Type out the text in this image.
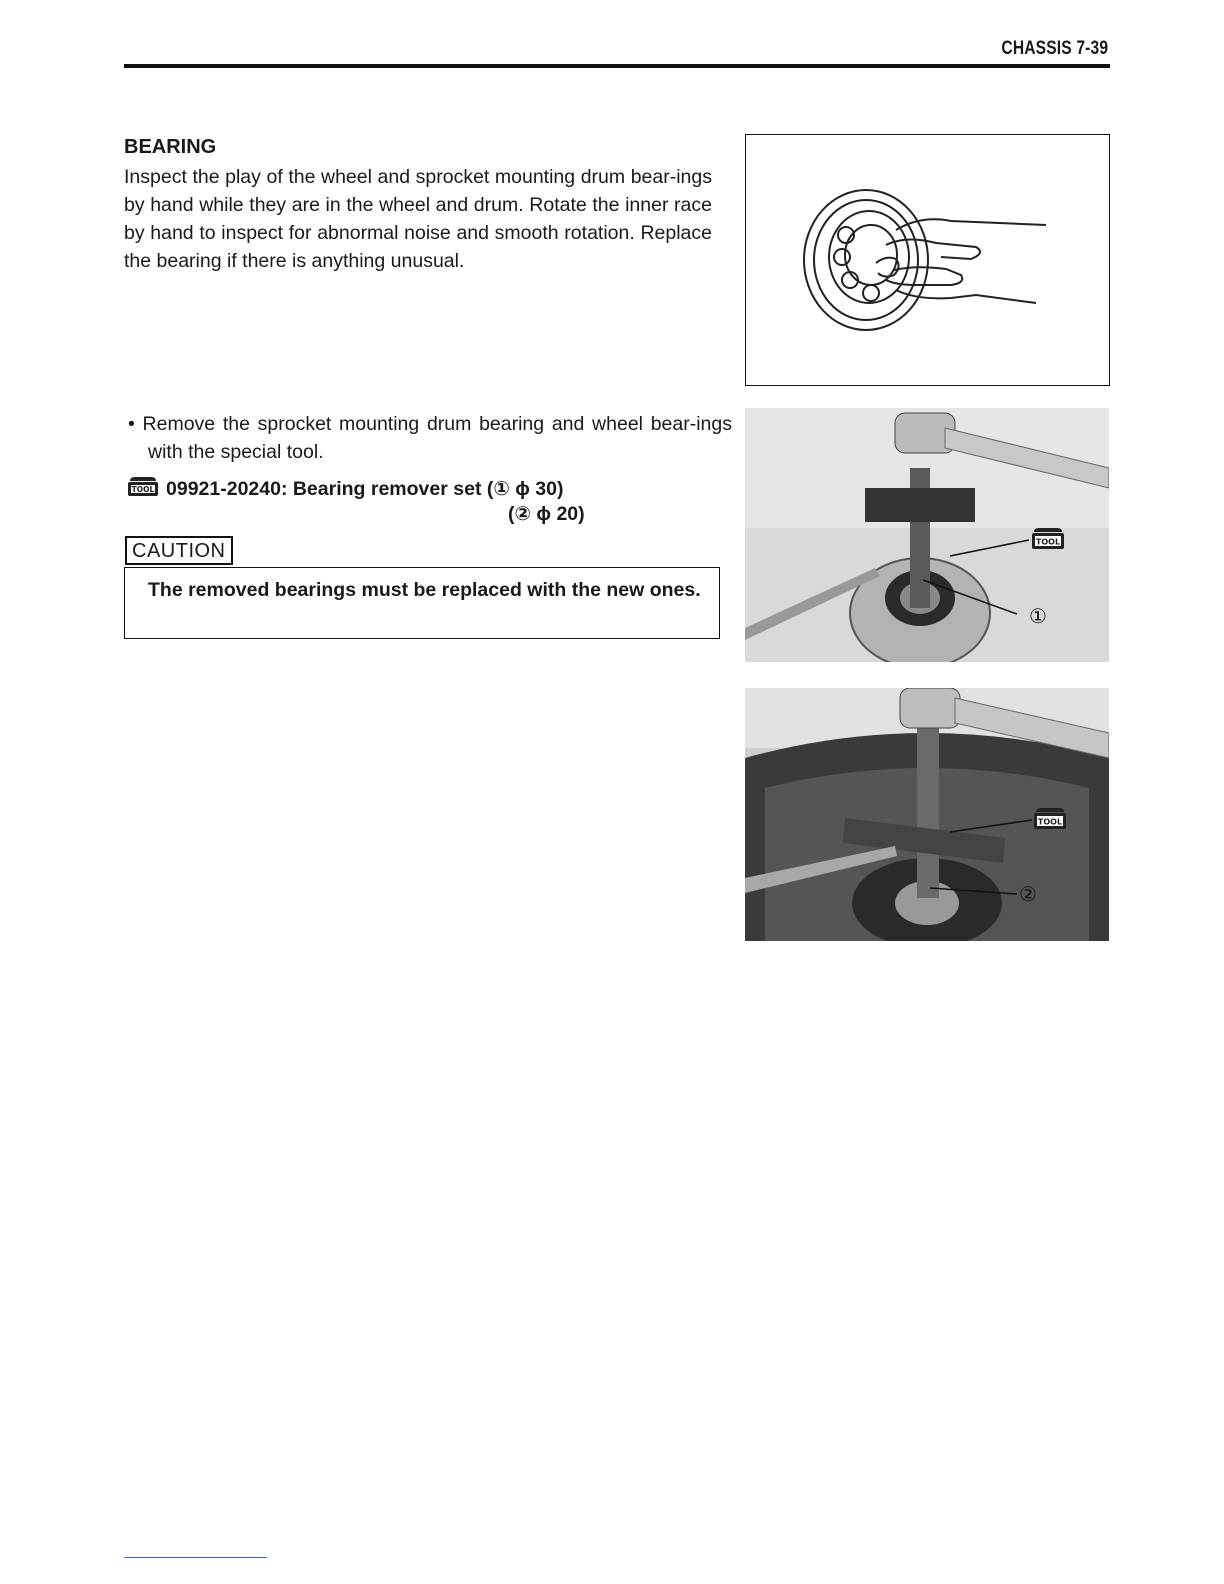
CHASSIS 7-39
BEARING

Inspect the play of the wheel and sprocket mounting drum bear-ings by hand while they are in the wheel and drum. Rotate the inner race by hand to inspect for abnormal noise and smooth rotation. Replace the bearing if there is anything unusual.

• Remove the sprocket mounting drum bearing and wheel bear-ings with the special tool.

TOOL 09921-20240: Bearing remover set (① ϕ 30)
(② ϕ 20)
CAUTION

The removed bearings must be replaced with the new ones.

TOOL
①
TOOL
②
